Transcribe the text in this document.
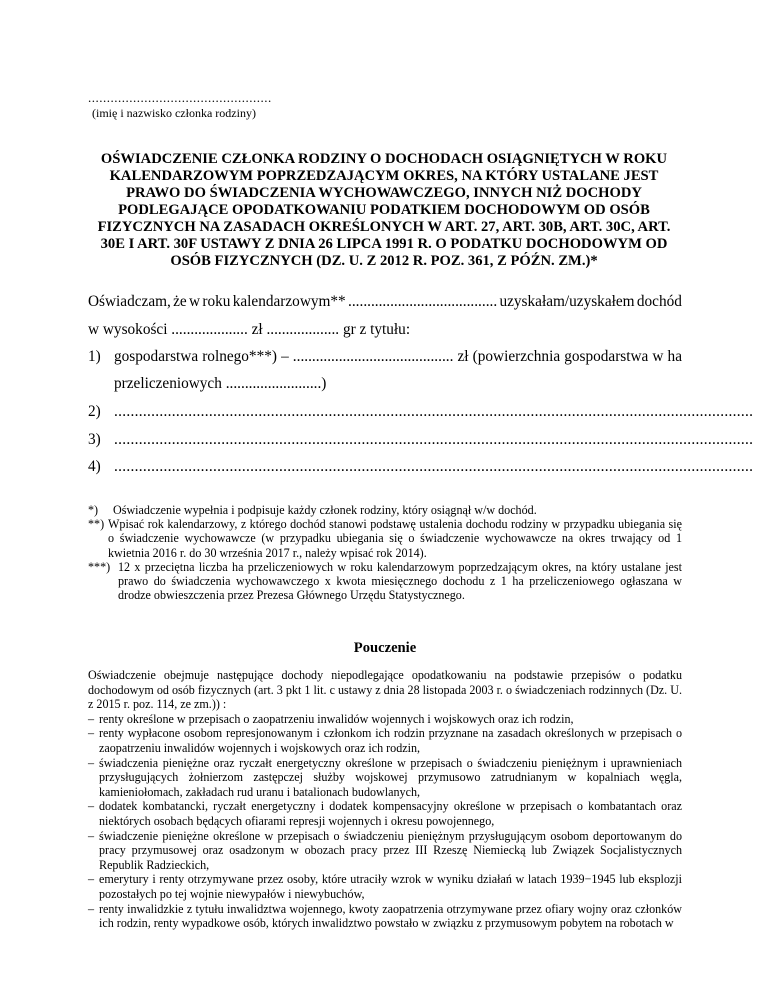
.................................................
(imię i nazwisko członka rodziny)
OŚWIADCZENIE CZŁONKA RODZINY O DOCHODACH OSIĄGNIĘTYCH W ROKU KALENDARZOWYM POPRZEDZAJĄCYM OKRES, NA KTÓRY USTALANE JEST PRAWO DO ŚWIADCZENIA WYCHOWAWCZEGO, INNYCH NIŻ DOCHODY PODLEGAJĄCE OPODATKOWANIU PODATKIEM DOCHODOWYM OD OSÓB FIZYCZNYCH NA ZASADACH OKREŚLONYCH W ART. 27, ART. 30B, ART. 30C, ART. 30E I ART. 30F USTAWY Z DNIA 26 LIPCA 1991 R. O PODATKU DOCHODOWYM OD OSÓB FIZYCZNYCH (DZ. U. Z 2012 R. POZ. 361, Z PÓŹN. ZM.)*
Oświadczam, że w roku kalendarzowym** ....................................... uzyskałam/uzyskałem dochód
w wysokości .................... zł ................... gr z tytułu:
1) gospodarstwa rolnego***) – .......................................... zł (powierzchnia gospodarstwa w ha
przeliczeniowych .........................)
2) ...........................................................................................................................................................
3) ...........................................................................................................................................................
4) ...........................................................................................................................................................
*)	Oświadczenie wypełnia i podpisuje każdy członek rodziny, który osiągnął w/w dochód.
**) Wpisać rok kalendarzowy, z którego dochód stanowi podstawę ustalenia dochodu rodziny w przypadku ubiegania się o świadczenie wychowawcze (w przypadku ubiegania się o świadczenie wychowawcze na okres trwający od 1 kwietnia 2016 r. do 30 września 2017 r., należy wpisać rok 2014).
***) 12 x przeciętna liczba ha przeliczeniowych w roku kalendarzowym poprzedzającym okres, na który ustalane jest prawo do świadczenia wychowawczego x kwota miesięcznego dochodu z 1 ha przeliczeniowego ogłaszana w drodze obwieszczenia przez Prezesa Głównego Urzędu Statystycznego.
Pouczenie

Oświadczenie obejmuje następujące dochody niepodlegające opodatkowaniu na podstawie przepisów o podatku dochodowym od osób fizycznych (art. 3 pkt 1 lit. c ustawy z dnia 28 listopada 2003 r. o świadczeniach rodzinnych (Dz. U. z 2015 r. poz. 114, ze zm.)) :

– renty określone w przepisach o zaopatrzeniu inwalidów wojennych i wojskowych oraz ich rodzin,
– renty wypłacone osobom represjonowanym i członkom ich rodzin przyznane na zasadach określonych w przepisach o zaopatrzeniu inwalidów wojennych i wojskowych oraz ich rodzin,
– świadczenia pieniężne oraz ryczałt energetyczny określone w przepisach o świadczeniu pieniężnym i uprawnieniach przysługujących żołnierzom zastępczej służby wojskowej przymusowo zatrudnianym w kopalniach węgla, kamieniołomach, zakładach rud uranu i batalionach budowlanych,
– dodatek kombatancki, ryczałt energetyczny i dodatek kompensacyjny określone w przepisach o kombatantach oraz niektórych osobach będących ofiarami represji wojennych i okresu powojennego,
– świadczenie pieniężne określone w przepisach o świadczeniu pieniężnym przysługującym osobom deportowanym do pracy przymusowej oraz osadzonym w obozach pracy przez III Rzeszę Niemiecką lub Związek Socjalistycznych Republik Radzieckich,
– emerytury i renty otrzymywane przez osoby, które utraciły wzrok w wyniku działań w latach 1939−1945 lub eksplozji pozostałych po tej wojnie niewypałów i niewybuchów,
– renty inwalidzkie z tytułu inwalidztwa wojennego, kwoty zaopatrzenia otrzymywane przez ofiary wojny oraz członków ich rodzin, renty wypadkowe osób, których inwalidztwo powstało w związku z przymusowym pobytem na robotach w
